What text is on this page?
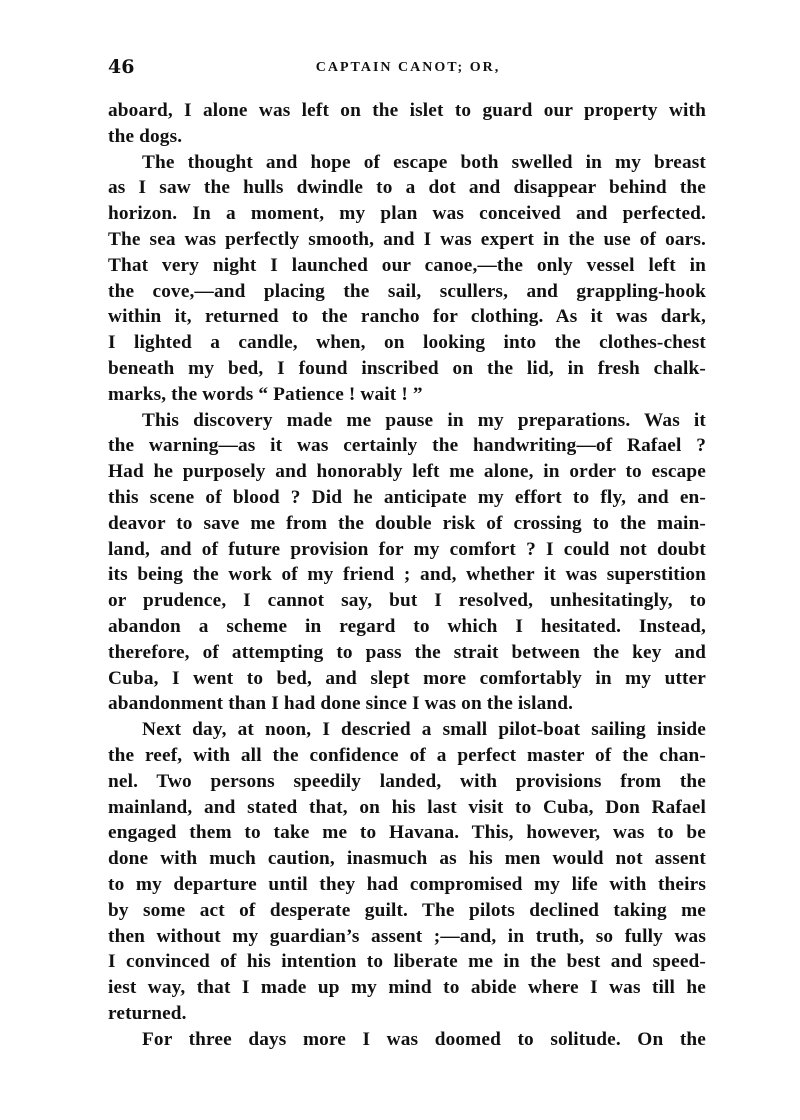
46	CAPTAIN CANOT; OR,

aboard, I alone was left on the islet to guard our property with
the dogs.

The thought and hope of escape both swelled in my breast
as I saw the hulls dwindle to a dot and disappear behind the
horizon. In a moment, my plan was conceived and perfected.
The sea was perfectly smooth, and I was expert in the use of oars.
That very night I launched our canoe,—the only vessel left in
the cove,—and placing the sail, scullers, and grappling-hook
within it, returned to the rancho for clothing. As it was dark,
I lighted a candle, when, on looking into the clothes-chest
beneath my bed, I found inscribed on the lid, in fresh chalk-
marks, the words “ Patience ! wait ! ”

This discovery made me pause in my preparations. Was it
the warning—as it was certainly the handwriting—of Rafael ?
Had he purposely and honorably left me alone, in order to escape
this scene of blood ? Did he anticipate my effort to fly, and en-
deavor to save me from the double risk of crossing to the main-
land, and of future provision for my comfort ? I could not doubt
its being the work of my friend ; and, whether it was superstition
or prudence, I cannot say, but I resolved, unhesitatingly, to
abandon a scheme in regard to which I hesitated. Instead,
therefore, of attempting to pass the strait between the key and
Cuba, I went to bed, and slept more comfortably in my utter
abandonment than I had done since I was on the island.

Next day, at noon, I descried a small pilot-boat sailing inside
the reef, with all the confidence of a perfect master of the chan-
nel. Two persons speedily landed, with provisions from the
mainland, and stated that, on his last visit to Cuba, Don Rafael
engaged them to take me to Havana. This, however, was to be
done with much caution, inasmuch as his men would not assent
to my departure until they had compromised my life with theirs
by some act of desperate guilt. The pilots declined taking me
then without my guardian’s assent ;—and, in truth, so fully was
I convinced of his intention to liberate me in the best and speed-
iest way, that I made up my mind to abide where I was till he
returned.

For three days more I was doomed to solitude. On the
